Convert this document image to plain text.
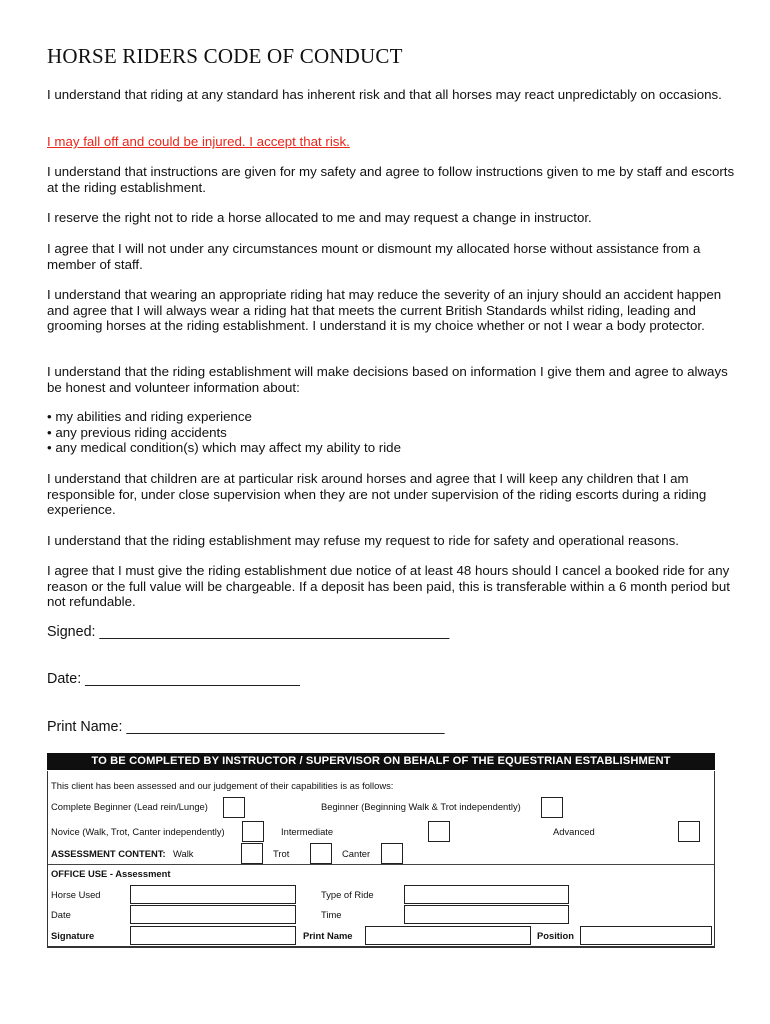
HORSE RIDERS CODE OF CONDUCT
I understand that riding at any standard has inherent risk and that all horses may react unpredictably on occasions.
I may fall off and could be injured. I accept that risk.
I understand that instructions are given for my safety and agree to follow instructions given to me by staff and escorts at the riding establishment.
I reserve the right not to ride a horse allocated to me and may request a change in instructor.
I agree that I will not under any circumstances mount or dismount my allocated horse without assistance from a member of staff.
I understand that wearing an appropriate riding hat may reduce the severity of an injury should an accident happen and agree that I will always wear a riding hat that meets the current British Standards whilst riding, leading and grooming horses at the riding establishment. I understand it is my choice whether or not I wear a body protector.
I understand that the riding establishment will make decisions based on information I give them and agree to always be honest and volunteer information about:
• my abilities and riding experience
• any previous riding accidents
• any medical condition(s) which may affect my ability to ride
I understand that children are at particular risk around horses and agree that I will keep any children that I am responsible for, under close supervision when they are not under supervision of the riding escorts during a riding experience.
I understand that the riding establishment may refuse my request to ride for safety and operational reasons.
I agree that I must give the riding establishment due notice of at least 48 hours should I cancel a booked ride for any reason or the full value will be chargeable. If a deposit has been paid, this is transferable within a 6 month period but not refundable.
Signed: ____________________________________________
Date: ___________________________
Print Name: ________________________________________
TO BE COMPLETED BY INSTRUCTOR / SUPERVISOR ON BEHALF OF THE EQUESTRIAN ESTABLISHMENT
This client has been assessed and our judgement of their capabilities is as follows:
Complete Beginner (Lead rein/Lunge)	Beginner (Beginning Walk & Trot independently)
Novice (Walk, Trot, Canter independently)	Intermediate	Advanced
ASSESSMENT CONTENT: Walk	Trot	Canter
OFFICE USE - Assessment
Horse Used	Type of Ride
Date	Time
Signature	Print Name	Position
